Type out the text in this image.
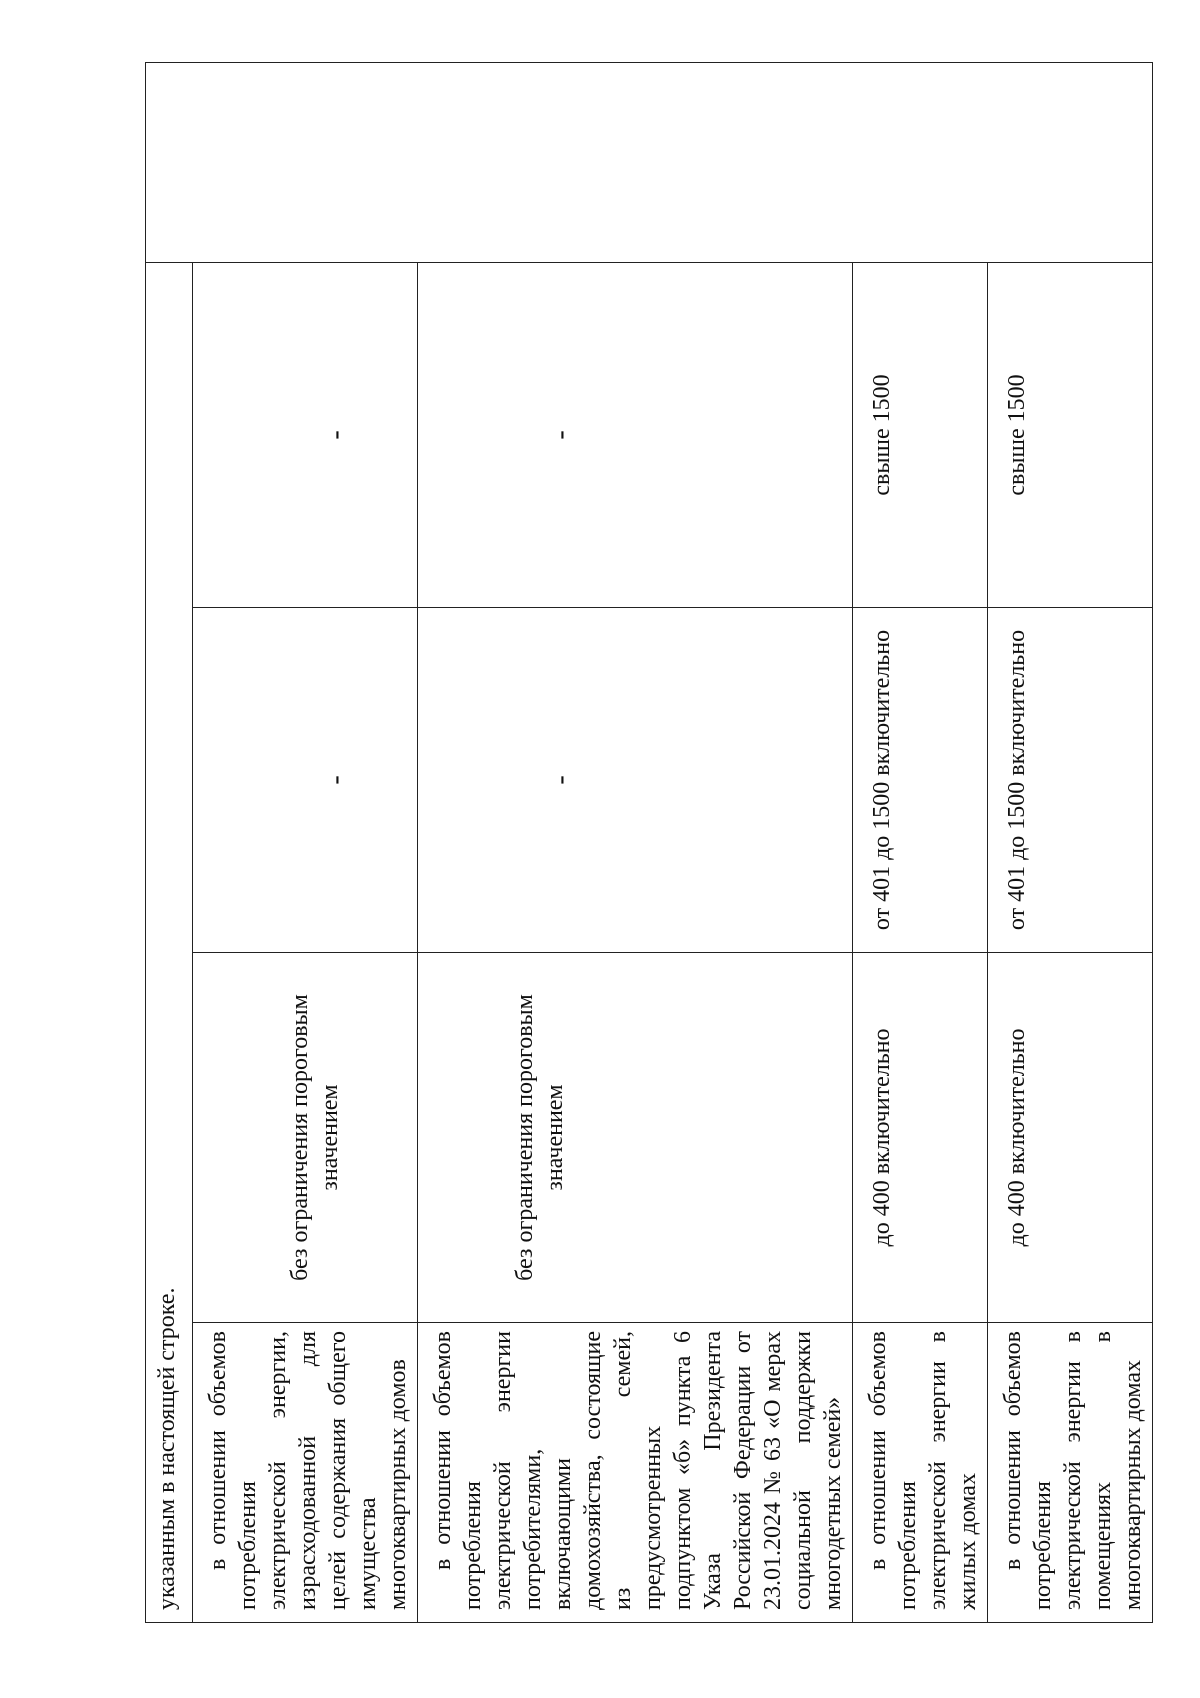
указанным в настоящей строке.				
в отношении объемов потребления электрической энергии, израсходованной для целей содержания общего имущества многоквартирных домов	без ограничения пороговым значением	-	-	
в отношении объемов потребления электрической энергии потребителями, включающими домохозяйства, состоящие из семей, предусмотренных подпунктом «б» пункта 6 Указа Президента Российской Федерации от 23.01.2024 № 63 «О мерах социальной поддержки многодетных семей»	без ограничения пороговым значением	-	-	
в отношении объемов потребления электрической энергии в жилых домах	до 400 включительно	от 401 до 1500 включительно	свыше 1500	
в отношении объемов потребления электрической энергии в помещениях в многоквартирных домах	до 400 включительно	от 401 до 1500 включительно	свыше 1500	
